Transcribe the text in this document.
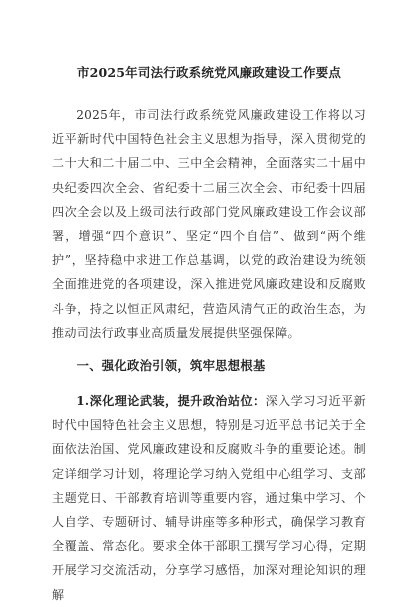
市2025年司法行政系统党风廉政建设工作要点

2025年，市司法行政系统党风廉政建设工作将以习近平新时代中国特色社会主义思想为指导，深入贯彻党的二十大和二十届二中、三中全会精神，全面落实二十届中央纪委四次全会、省纪委十二届三次全会、市纪委十四届四次全会以及上级司法行政部门党风廉政建设工作会议部署，增强“四个意识”、坚定“四个自信”、做到“两个维护”，坚持稳中求进工作总基调，以党的政治建设为统领全面推进党的各项建设，深入推进党风廉政建设和反腐败斗争，持之以恒正风肃纪，营造风清气正的政治生态，为推动司法行政事业高质量发展提供坚强保障。

一、强化政治引领，筑牢思想根基

1.深化理论武装，提升政治站位：深入学习习近平新时代中国特色社会主义思想，特别是习近平总书记关于全面依法治国、党风廉政建设和反腐败斗争的重要论述。制定详细学习计划，将理论学习纳入党组中心组学习、支部主题党日、干部教育培训等重要内容，通过集中学习、个人自学、专题研讨、辅导讲座等多种形式，确保学习教育全覆盖、常态化。要求全体干部职工撰写学习心得，定期开展学习交流活动，分享学习感悟，加深对理论知识的理解
